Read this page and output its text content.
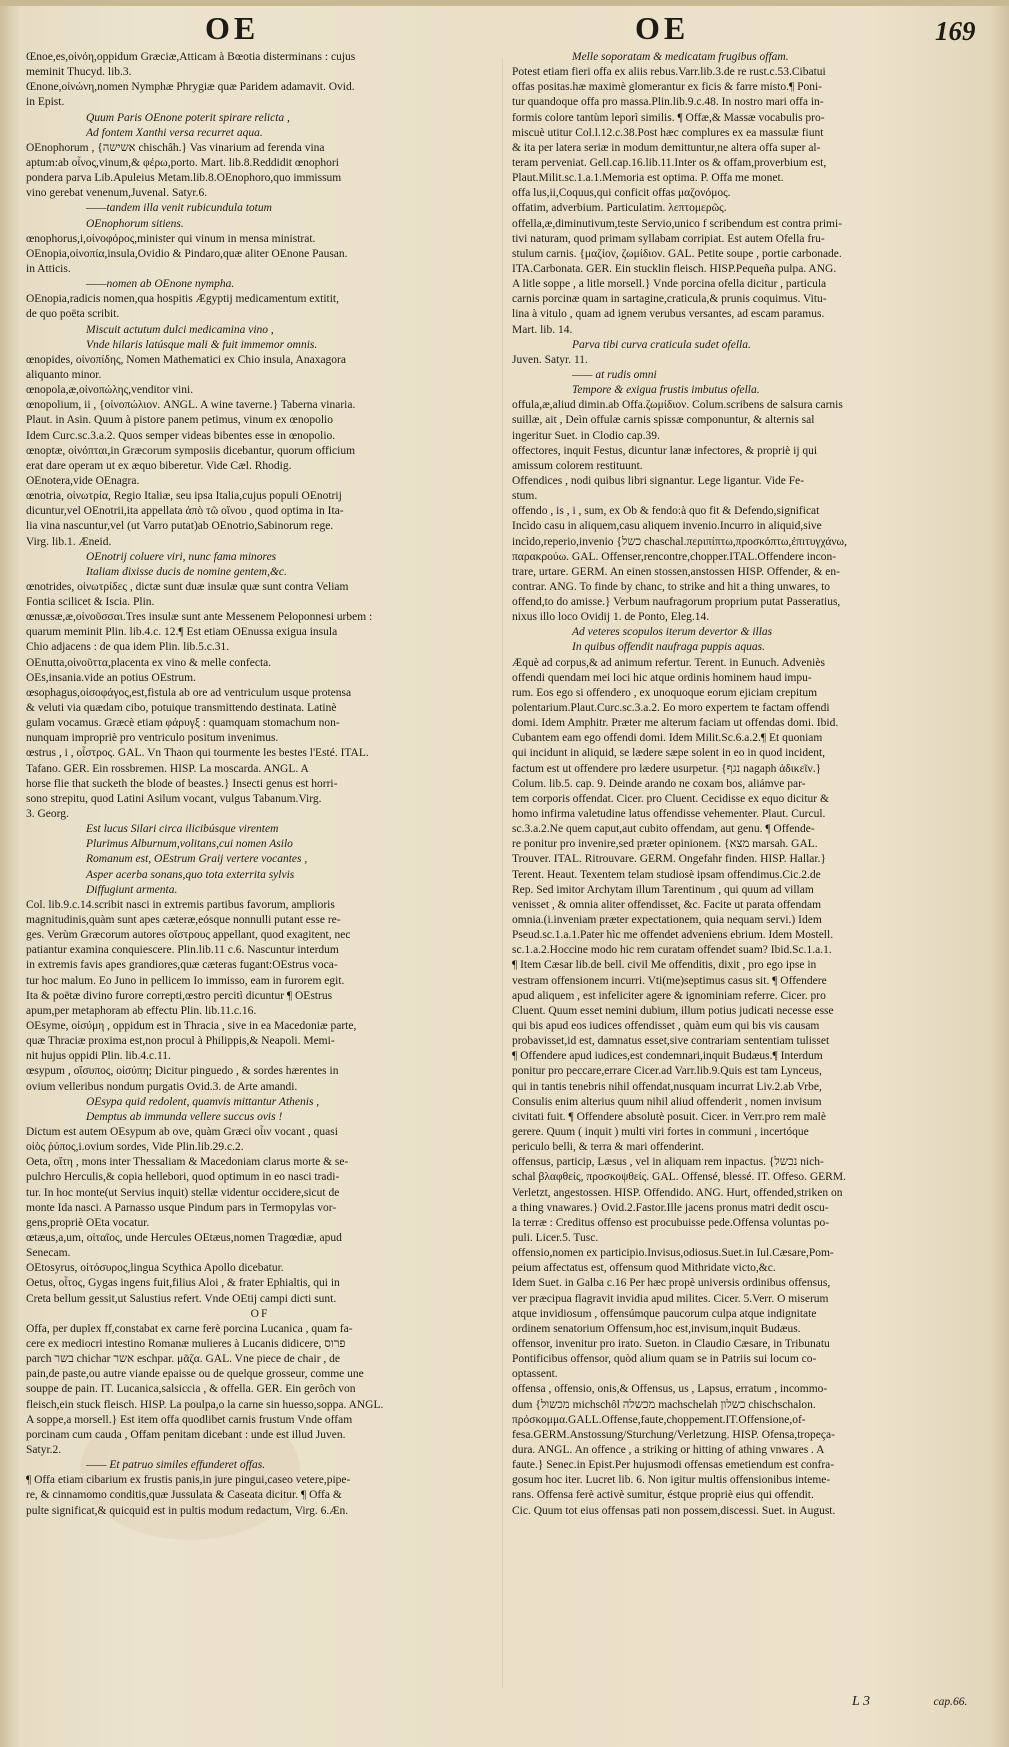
OE	OE	169
Œnoe,es,οἰνόη,oppidum Græciæ,Atticam à Bœotia disterminans : cujus
meminit Thucyd. lib.3.
Œnone,οἰνώνη,nomen Nymphæ Phrygiæ quæ Paridem adamavit. Ovid.
in Epist.
Quum Paris OEnone poterit spirare relicta ,
Ad fontem Xanthi versa recurret aqua.
OEnophorum , {אשישה chischâh.} Vas vinarium ad ferenda vina
aptum:ab οἶνος,vinum,& φέρω,porto. Mart. lib.8.Reddidit œnophori
pondera parva Lib.Apuleius Metam.lib.8.OEnophoro,quo immissum
vino gerebat venenum,Juvenal. Satyr.6.
——tandem illa venit rubicundula totum
OEnophorum sitiens.
œnophorus,i,οἰνοφόρος,minister qui vinum in mensa ministrat.
OEnopia,οἰνοπία,insula,Ovidio & Pindaro,quæ aliter OEnone Pausan.
in Atticis.
——nomen ab OEnone nympha.
OEnopia,radicis nomen,qua hospitis Ægyptij medicamentum extitit,
de quo poëta scribit.
Miscuit actutum dulci medicamina vino ,
Vnde hilaris latúsque mali & fuit immemor omnis.
œnopides, οἰνοπίδης, Nomen Mathematici ex Chio insula, Anaxagora
aliquanto minor.
œnopola,æ,οἰνοπώλης,venditor vini.
œnopolium, ii , {οἰνοπώλιον. ANGL. A wine taverne.} Taberna vinaria.
Plaut. in Asin. Quum à pistore panem petimus, vinum ex œnopolio
Idem Curc.sc.3.a.2. Quos semper videas bibentes esse in œnopolio.
œnoptæ, οἰνόπται,in Græcorum symposiis dicebantur, quorum officium
erat dare operam ut ex æquo biberetur. Vide Cæl. Rhodig.
OEnotera,vide OEnagra.
œnotria, οἰνωτρία, Regio Italiæ, seu ipsa Italia,cujus populi OEnotrij
dicuntur,vel OEnotrii,ita appellata ἀπὸ τῶ οἴνου , quod optima in Ita-
lia vina nascuntur,vel (ut Varro putat)ab OEnotrio,Sabinorum rege.
Virg. lib.1. Æneid.
OEnotrij coluere viri, nunc fama minores
Italiam dixisse ducis de nomine gentem,&c.
œnotrides, οἰνωτρίδες , dictæ sunt duæ insulæ quæ sunt contra Veliam
Fontia scilicet & Iscia. Plin.
œnussæ,æ,οἰνοῦσσαι.Tres insulæ sunt ante Messenem Peloponnesi urbem :
quarum meminit Plin. lib.4.c. 12.¶ Est etiam OEnussa exigua insula
Chio adjacens : de qua idem Plin. lib.5.c.31.
OEnutta,οἰνοῦττα,placenta ex vino & melle confecta.
OEs,insania.vide an potius OEstrum.
œsophagus,οἰσοφάγος,est,fistula ab ore ad ventriculum usque protensa
& veluti via quædam cibo, potuique transmittendo destinata. Latinè
gulam vocamus. Græcè etiam φάρυγξ : quamquam stomachum non-
nunquam impropriè pro ventriculo positum invenimus.
œstrus , i , οἶστρος. GAL. Vn Thaon qui tourmente les bestes l'Esté. ITAL.
Tafano. GER. Ein rossbremen. HISP. La moscarda. ANGL. A
horse flie that sucketh the blode of beastes.} Insecti genus est horri-
sono strepitu, quod Latini Asilum vocant, vulgus Tabanum.Virg.
3. Georg.
Est lucus Silari circa ilicibúsque virentem
Plurimus Alburnum,volitans,cui nomen Asilo
Romanum est, OEstrum Graij vertere vocantes ,
Asper acerba sonans,quo tota exterrita sylvis
Diffugiunt armenta.
Col. lib.9.c.14.scribit nasci in extremis partibus favorum, amplioris
magnitudinis,quàm sunt apes cæteræ,eósque nonnulli putant esse re-
ges. Verùm Græcorum autores οἴστρους appellant, quod exagitent, nec
patiantur examina conquiescere. Plin.lib.11 c.6. Nascuntur interdum
in extremis favis apes grandiores,quæ cæteras fugant:OEstrus voca-
tur hoc malum. Eo Juno in pellicem Io immisso, eam in furorem egit.
Ita & poëtæ divino furore correpti,œstro percitì dicuntur ¶ OEstrus
apum,per metaphoram ab effectu Plin. lib.11.c.16.
OEsyme, οἰσύμη , oppidum est in Thracia , sive in ea Macedoniæ parte,
quæ Thraciæ proxima est,non procul à Philippis,& Neapoli. Memi-
nit hujus oppidi Plin. lib.4.c.11.
œsypum , οἴσυπος, οἰσύπη; Dicitur pinguedo , & sordes hærentes in
ovium velleribus nondum purgatis Ovid.3. de Arte amandi.
OEsypa quid redolent, quamvis mittantur Athenis ,
Demptus ab immunda vellere succus ovis !
Dictum est autem OEsypum ab ove, quàm Græci οἶιν vocant , quasi
οἰὸς ῥύπος,i.ovium sordes, Vide Plin.lib.29.c.2.
Oeta, οἴτη , mons inter Thessaliam & Macedoniam clarus morte & se-
pulchro Herculis,& copia hellebori, quod optimum in eo nasci tradi-
tur. In hoc monte(ut Servius inquit) stellæ videntur occidere,sicut de
monte Ida nasci. A Parnasso usque Pindum pars in Termopylas vor-
gens,propriè OEta vocatur.
œtæus,a,um, οἰταῖος, unde Hercules OEtæus,nomen Tragœdiæ, apud
Senecam.
OEtosyrus, οἰτόσυρος,lingua Scythica Apollo dicebatur.
Oetus, οἶτος, Gygas ingens fuit,filius Aloi , & frater Ephialtis, qui in
Creta bellum gessit,ut Salustius refert. Vnde OEtij campi dicti sunt.
OF
Offa, per duplex ff,constabat ex carne ferè porcina Lucanica , quam fa-
cere ex mediocri intestino Romanæ mulieres à Lucanis didicere, פרוס
parch בשר chichar אשר eschpar. μᾶζα. GAL. Vne piece de chair , de
pain,de paste,ou autre viande epaisse ou de quelque grosseur, comme une
souppe de pain. IT. Lucanica,salsiccia , & offella. GER. Ein gerôch von
fleisch,ein stuck fleisch. HISP. La poulpa,o la carne sin huesso,soppa. ANGL.
A soppe,a morsell.} Est item offa quodlibet carnis frustum Vnde offam
porcinam cum cauda , Offam penitam dicebant : unde est illud Juven.
Satyr.2.
—— Et patruo similes effunderet offas.
¶ Offa etiam cibarium ex frustis panis,in jure pingui,caseo vetere,pipe-
re, & cinnamomo conditis,quæ Jussulata & Caseata dicitur. ¶ Offa &
pulte significat,& quicquid est in pultis modum redactum, Virg. 6.Æn.
Melle soporatam & medicatam frugibus offam.
Potest etiam fieri offa ex aliis rebus.Varr.lib.3.de re rust.c.53.Cibatui
offas positas.hæ maximè glomerantur ex ficis & farre misto.¶ Poni-
tur quandoque offa pro massa.Plin.lib.9.c.48. In nostro mari offa in-
formis colore tantùm leporì similis. ¶ Offæ,& Massæ vocabulis pro-
miscuè utitur Col.l.12.c.38.Post hæc complures ex ea massulæ fiunt
& ita per latera seriæ in modum demittuntur,ne altera offa super al-
teram perveniat. Gell.cap.16.lib.11.Inter os & offam,proverbium est,
Plaut.Milit.sc.1.a.1.Memoria est optima. P. Offa me monet.
offa lus,ii,Coquus,qui conficit offas μαζονόμος.
offatim, adverbium. Particulatim. λεπτομερῶς.
offella,æ,diminutivum,teste Servio,unico f scribendum est contra primi-
tivi naturam, quod primam syllabam corripiat. Est autem Ofella fru-
stulum carnis. {μαζίον, ζωμίδιον. GAL. Petite soupe , portie carbonade.
ITA.Carbonata. GER. Ein stucklin fleisch. HISP.Pequeña pulpa. ANG.
A litle soppe , a litle morsell.} Vnde porcina ofella dicitur , particula
carnis porcinæ quam in sartagine,craticula,& prunis coquimus. Vitu-
lina à vitulo , quam ad ignem verubus versantes, ad escam paramus.
Mart. lib. 14.
Parva tibi curva craticula sudet ofella.
Juven. Satyr. 11.
—— at rudis omni
Tempore & exigua frustis imbutus ofella.
offula,æ,aliud dimin.ab Offa.ζωμίδιον. Colum.scribens de salsura carnis
suillæ, ait , Deìn offulæ carnis spissæ componuntur, & alternis sal
ingeritur Suet. in Clodio cap.39.
offectores, inquit Festus, dicuntur lanæ infectores, & propriè ij qui
amissum colorem restituunt.
Offendices , nodi quibus libri signantur. Lege ligantur. Vide Fe-
stum.
offendo , is , i , sum, ex Ob & fendo:à quo fit & Defendo,significat
Incìdo casu in aliquem,casu aliquem invenio.Incurro in aliquid,sive
incìdo,reperio,invenio {כשל chaschal.περιπίπτω,προσκόπτω,ἐπιτυγχάνω,
παρακρούω. GAL. Offenser,rencontre,chopper.ITAL.Offendere incon-
trare, urtare. GERM. An einen stossen,anstossen HISP. Offender, & en-
contrar. ANG. To finde by chanc, to strike and hit a thing unwares, to
offend,to do amisse.} Verbum naufragorum proprium putat Passeratius,
nixus illo loco Ovidij 1. de Ponto, Eleg.14.
Ad veteres scopulos iterum devertor & illas
In quibus offendit naufraga puppis aquas.
Æquè ad corpus,& ad animum refertur. Terent. in Eunuch. Adveniès
offendi quendam mei loci hic atque ordinis hominem haud impu-
rum. Eos ego si offendero , ex unoquoque eorum ejiciam crepitum
polentarium.Plaut.Curc.sc.3.a.2. Eo moro expertem te factam offendi
domi. Idem Amphitr. Præter me alterum faciam ut offendas domi. Ibid.
Cubantem eam ego offendi domi. Idem Milit.Sc.6.a.2.¶ Et quoniam
qui incidunt in aliquid, se lædere sæpe solent in eo in quod incident,
factum est ut offendere pro lædere usurpetur. {נגף nagaph ἀδικεῖν.}
Colum. lib.5. cap. 9. Deinde arando ne coxam bos, aliámve par-
tem corporis offendat. Cicer. pro Cluent. Cecidisse ex equo dicitur &
homo infirma valetudine latus offendisse vehementer. Plaut. Curcul.
sc.3.a.2.Ne quem caput,aut cubito offendam, aut genu. ¶ Offende-
re ponitur pro invenire,sed præter opinionem. {מצא marsah. GAL.
Trouver. ITAL. Ritrouvare. GERM. Ongefahr finden. HISP. Hallar.}
Terent. Heaut. Texentem telam studiosè ipsam offendimus.Cic.2.de
Rep. Sed imitor Archytam illum Tarentinum , qui quum ad villam
venisset , & omnia aliter offendisset, &c. Facite ut parata offendam
omnia.(i.inveniam præter expectationem, quia nequam servi.) Idem
Pseud.sc.1.a.1.Pater hìc me offendet advenìens ebrium. Idem Mostell.
sc.1.a.2.Hoccine modo hic rem curatam offendet suam? Ibid.Sc.1.a.1.
¶ Item Cæsar lib.de bell. civil Me offenditis, dixit , pro ego ipse in
vestram offensionem incurri. Vti(me)septimus casus sit. ¶ Offendere
apud aliquem , est infeliciter agere & ignominiam referre. Cicer. pro
Cluent. Quum esset nemini dubium, illum potius judicati necesse esse
qui bis apud eos iudices offendisset , quàm eum qui bis vis causam
probavisset,id est, damnatus esset,sive contrariam sententiam tulisset
¶ Offendere apud iudices,est condemnari,inquit Budæus.¶ Interdum
ponitur pro peccare,errare Cicer.ad Varr.lib.9.Quis est tam Lynceus,
qui in tantis tenebris nihil offendat,nusquam incurrat Liv.2.ab Vrbe,
Consulis enim alterius quum nihil aliud offenderit , nomen invisum
civitati fuit. ¶ Offendere absolutè posuit. Cicer. in Verr.pro rem malè
gerere. Quum ( inquit ) multi viri fortes in communi , incertóque
periculo belli, & terra & mari offenderint.
offensus, particip, Læsus , vel in aliquam rem inpactus. {נכשל nich-
schal βλαφθείς, προσκοψθείς. GAL. Offensé, blessé. IT. Offeso. GERM.
Verletzt, angestossen. HISP. Offendido. ANG. Hurt, offended,striken on
a thing vnawares.} Ovid.2.Fastor.Ille jacens pronus matri dedit oscu-
la terræ : Creditus offenso est procubuisse pede.Offensa voluntas po-
puli. Licer.5. Tusc.
offensio,nomen ex participio.Invisus,odiosus.Suet.in Iul.Cæsare,Pom-
peium affectatus est, offensum quod Mithridate victo,&c.
Idem Suet. in Galba c.16 Per hæc propè universis ordinibus offensus,
ver præcipua flagravit invidia apud milites. Cicer. 5.Verr. O miserum
atque invidiosum , offensúmque paucorum culpa atque indignitate
ordinem senatorium Offensum,hoc est,invisum,inquit Budæus.
offensor, invenitur pro irato. Sueton. in Claudio Cæsare, in Tribunatu
Pontificibus offensor, quòd alium quam se in Patriis sui locum co-
optassent.
offensa , offensio, onis,& Offensus, us , Lapsus, erratum , incommo-
dum {מכשול michschôl מכשלה machschelah כשלון chischschalon.
πρόσκομμα.GALL.Offense,faute,choppement.IT.Offensione,of-
fesa.GERM.Anstossung/Sturchung/Verletzung. HISP. Ofensa,tropeça-
dura. ANGL. An offence , a striking or hitting of athing vnwares . A
faute.} Senec.in Epist.Per hujusmodi offensas emetiendum est confra-
gosum hoc iter. Lucret lib. 6. Non igitur multis offensionibus inteme-
rans. Offensa ferè activè sumitur, éstque propriè eius qui offendit.
Cic. Quum tot eius offensas pati non possem,discessi. Suet. in August.
L 3	cap.66.
